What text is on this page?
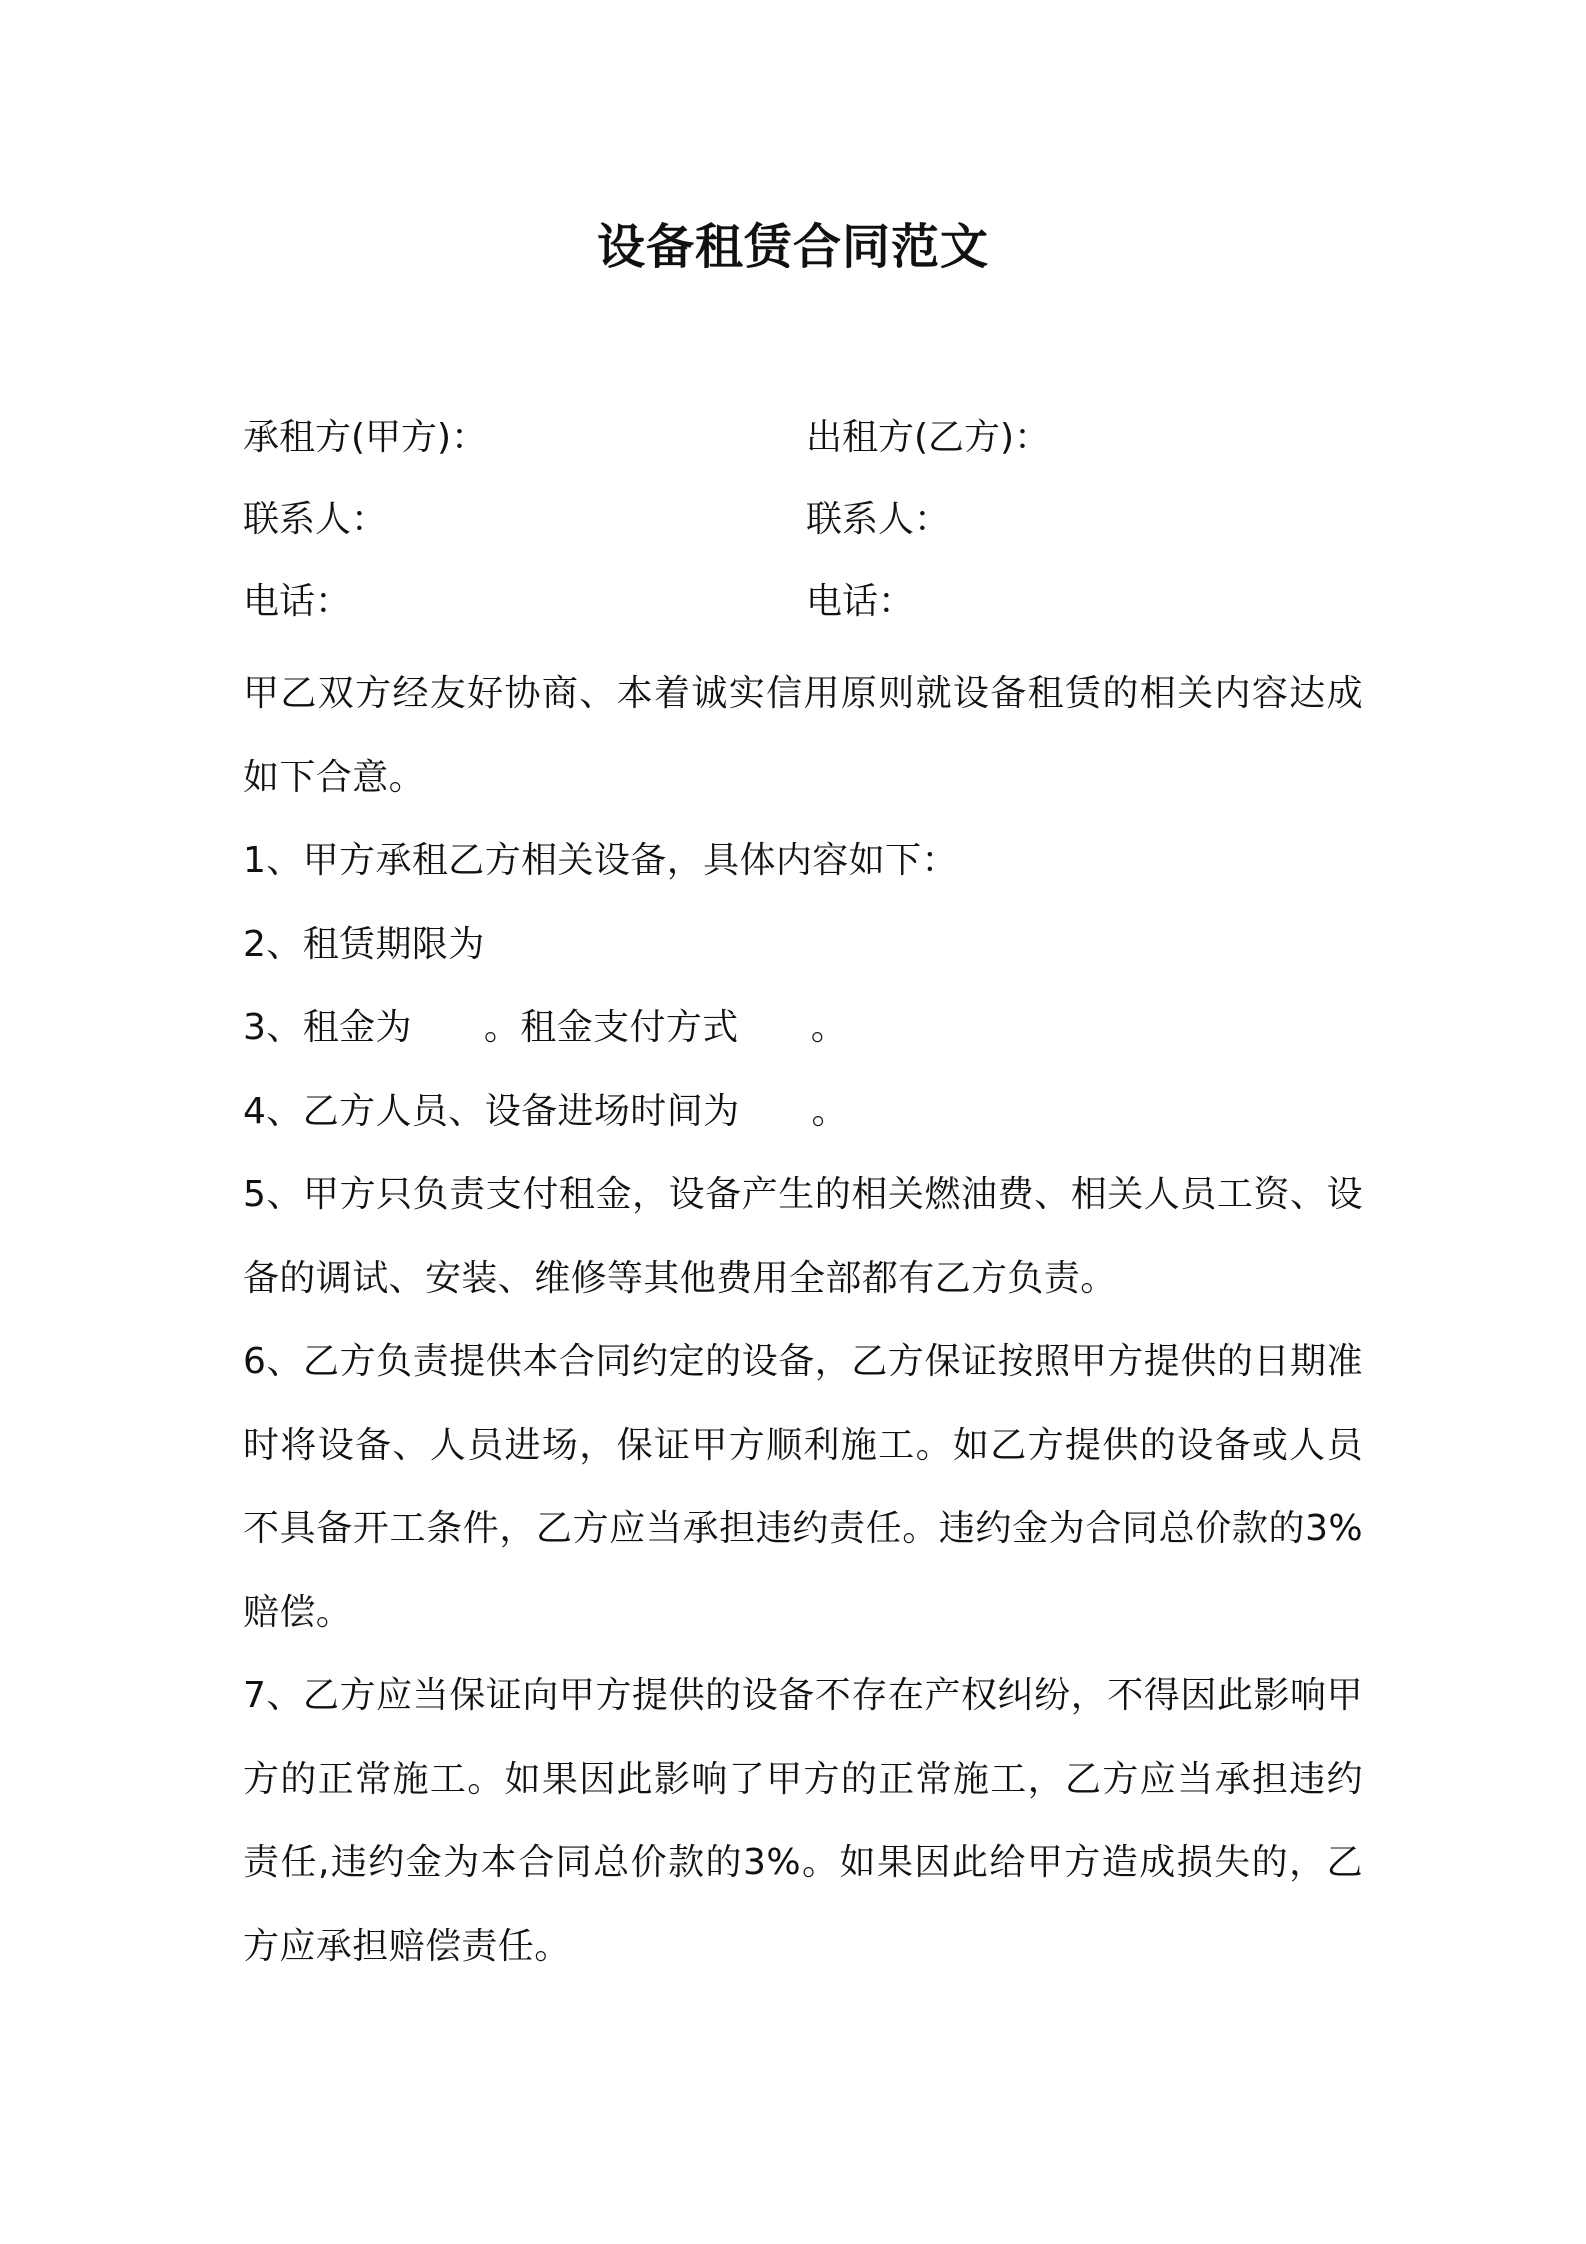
设备租赁合同范文
承租方(甲方)：	出租方(乙方)：
联系人：	联系人：
电话：	电话：

甲乙双方经友好协商、本着诚实信用原则就设备租赁的相关内容达成如下合意。

1、甲方承租乙方相关设备，具体内容如下：

2、租赁期限为

3、租金为 。租金支付方式 。

4、乙方人员、设备进场时间为 。

5、甲方只负责支付租金，设备产生的相关燃油费、相关人员工资、设备的调试、安装、维修等其他费用全部都有乙方负责。

6、乙方负责提供本合同约定的设备，乙方保证按照甲方提供的日期准时将设备、人员进场，保证甲方顺利施工。如乙方提供的设备或人员不具备开工条件，乙方应当承担违约责任。违约金为合同总价款的3%赔偿。

7、乙方应当保证向甲方提供的设备不存在产权纠纷，不得因此影响甲方的正常施工。如果因此影响了甲方的正常施工，乙方应当承担违约责任,违约金为本合同总价款的3%。如果因此给甲方造成损失的，乙方应承担赔偿责任。
